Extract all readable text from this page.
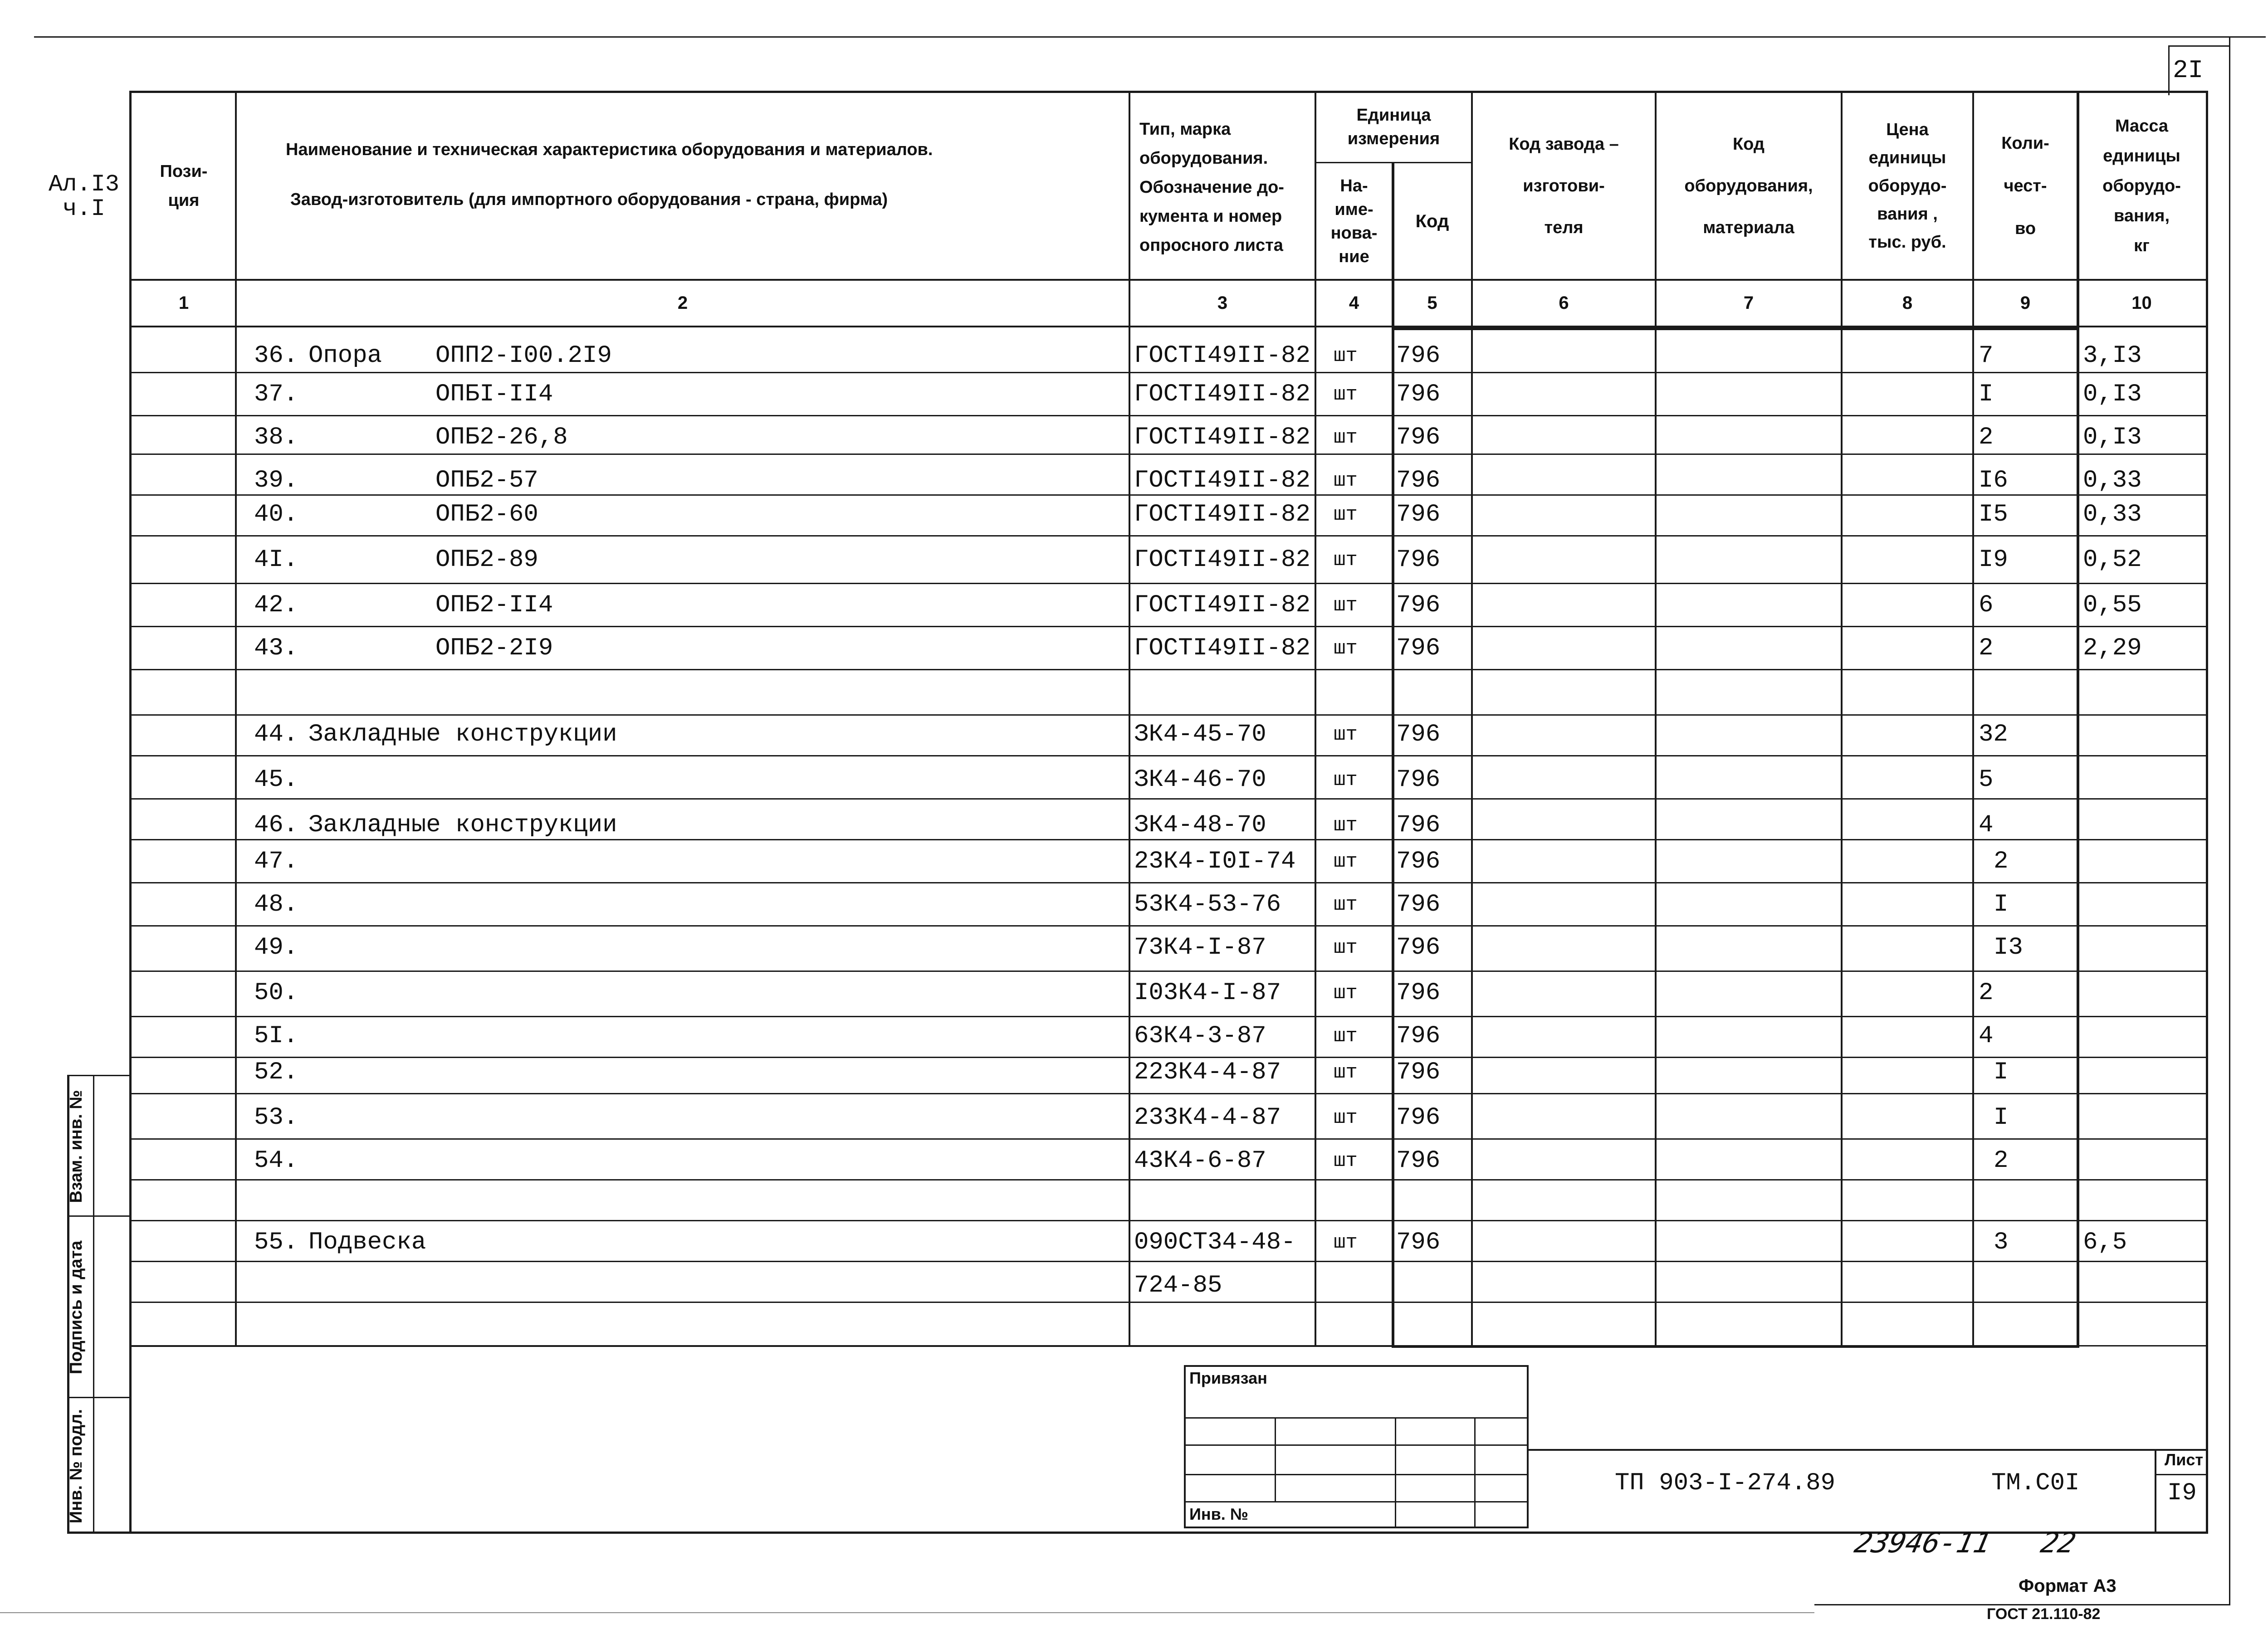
2I
Ал.I3
ч.I
Взам. инв. №
Подпись и дата
Инв. № подл.
Пози-
ция
Наименование и техническая характеристика оборудования и материалов.
Завод-изготовитель (для импортного оборудования - страна, фирма)
Тип, марка
оборудования.
Обозначение до-
кумента и номер
опросного листа
Единица
измерения
На-
име-
нова-
ние
Код
Код завода –
изготови-
теля
Код
оборудования,
материала
Цена
единицы
оборудо-
вания ,
тыс. руб.
Коли-
чест-
во
Масса
единицы
оборудо-
вания,
кг
1	2	3	4	5	6	7	8	9	10
36. Опора ОПП2-I00.2I9	ГОСТI49II-82 шт 796	7	3,I3
37.	ОПБI-II4	ГОСТI49II-82 шт 796	I	0,I3
38.	ОПБ2-26,8	ГОСТI49II-82 шт 796	2	0,I3
39.	ОПБ2-57	ГОСТI49II-82 шт 796	I6	0,33
40.	ОПБ2-60	ГОСТI49II-82 шт 796	I5	0,33
4I.	ОПБ2-89	ГОСТI49II-82 шт 796	I9	0,52
42.	ОПБ2-II4	ГОСТI49II-82 шт 796	6	0,55
43.	ОПБ2-2I9	ГОСТI49II-82 шт 796	2	2,29
44. Закладные конструкции	ЗК4-45-70	шт 796	32
45.	ЗК4-46-70	шт 796	5
46. Закладные конструкции	ЗК4-48-70	шт 796	4
47.	23К4-I0I-74 шт 796	2
48.	53К4-53-76	шт 796	I
49.	73К4-I-87	шт 796	I3
50.	I03К4-I-87	шт 796	2
5I.	63К4-3-87	шт 796	4
52.	223К4-4-87	шт 796	I
53.	233К4-4-87	шт 796	I
54.	43К4-6-87	шт 796	2
55. Подвеска	090СТ34-48- шт 796	3	6,5
724-85
Привязан
Инв. №
ТП 903-I-274.89	ТМ.С0I
Лист
I9
23946-11   22
Формат А3
ГОСТ 21.110-82
